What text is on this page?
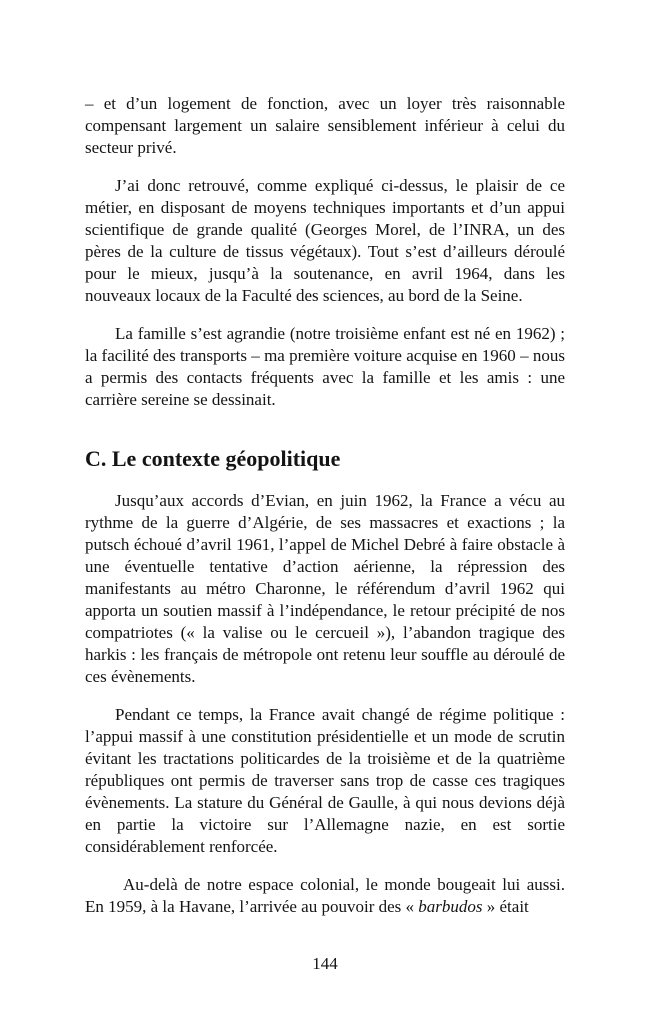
– et d’un logement de fonction, avec un loyer très raisonnable compensant largement un salaire sensiblement inférieur à celui du secteur privé.

J’ai donc retrouvé, comme expliqué ci-dessus, le plaisir de ce métier, en disposant de moyens techniques importants et d’un appui scientifique de grande qualité (Georges Morel, de l’INRA, un des pères de la culture de tissus végétaux). Tout s’est d’ailleurs déroulé pour le mieux, jusqu’à la soutenance, en avril 1964, dans les nouveaux locaux de la Faculté des sciences, au bord de la Seine.

La famille s’est agrandie (notre troisième enfant est né en 1962) ; la facilité des transports – ma première voiture acquise en 1960 – nous a permis des contacts fréquents avec la famille et les amis : une carrière sereine se dessinait.

C. Le contexte géopolitique

Jusqu’aux accords d’Evian, en juin 1962, la France a vécu au rythme de la guerre d’Algérie, de ses massacres et exactions ; la putsch échoué d’avril 1961, l’appel de Michel Debré à faire obstacle à une éventuelle tentative d’action aérienne, la répression des manifestants au métro Charonne, le référendum d’avril 1962 qui apporta un soutien massif à l’indépendance, le retour précipité de nos compatriotes (« la valise ou le cercueil »), l’abandon tragique des harkis : les français de métropole ont retenu leur souffle au déroulé de ces évènements.

Pendant ce temps, la France avait changé de régime politique : l’appui massif à une constitution présidentielle et un mode de scrutin évitant les tractations politicardes de la troisième et de la quatrième républiques ont permis de traverser sans trop de casse ces tragiques évènements. La stature du Général de Gaulle, à qui nous devions déjà en partie la victoire sur l’Allemagne nazie, en est sortie considérablement renforcée.

Au-delà de notre espace colonial, le monde bougeait lui aussi. En 1959, à la Havane, l’arrivée au pouvoir des « barbudos » était

144
